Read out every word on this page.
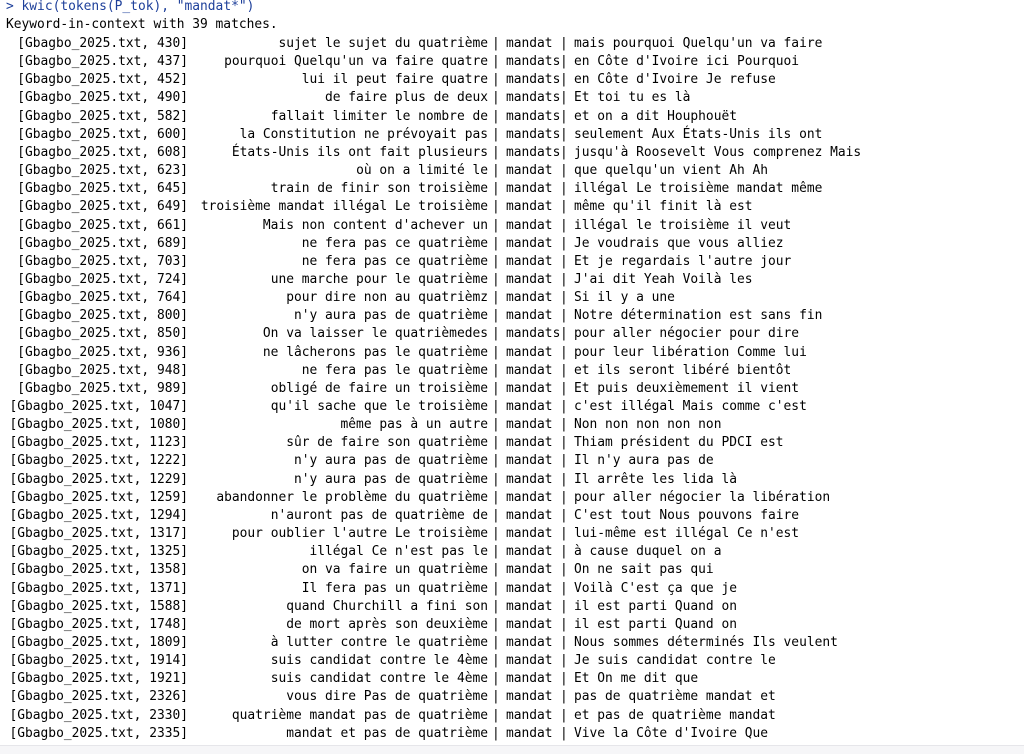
> kwic(tokens(P_tok), "mandat*")
Keyword-in-context with 39 matches.
[Gbagbo_2025.txt, 430]	sujet le sujet du quatrième | mandat | mais pourquoi Quelqu'un va faire
[Gbagbo_2025.txt, 437]	pourquoi Quelqu'un va faire quatre | mandats | en Côte d'Ivoire ici Pourquoi
[Gbagbo_2025.txt, 452]	lui il peut faire quatre | mandats | en Côte d'Ivoire Je refuse
[Gbagbo_2025.txt, 490]	de faire plus de deux | mandats | Et toi tu es là
[Gbagbo_2025.txt, 582]	fallait limiter le nombre de | mandats | et on a dit Houphouët
[Gbagbo_2025.txt, 600]	la Constitution ne prévoyait pas | mandats | seulement Aux États-Unis ils ont
[Gbagbo_2025.txt, 608]	États-Unis ils ont fait plusieurs | mandats | jusqu'à Roosevelt Vous comprenez Mais
[Gbagbo_2025.txt, 623]	où on a limité le | mandat | que quelqu'un vient Ah Ah
[Gbagbo_2025.txt, 645]	train de finir son troisième | mandat | illégal Le troisième mandat même
[Gbagbo_2025.txt, 649] troisième mandat illégal Le troisième | mandat | même qu'il finit là est
[Gbagbo_2025.txt, 661]	Mais non content d'achever un | mandat | illégal le troisième il veut
[Gbagbo_2025.txt, 689]	ne fera pas ce quatrième | mandat | Je voudrais que vous alliez
[Gbagbo_2025.txt, 703]	ne fera pas ce quatrième | mandat | Et je regardais l'autre jour
[Gbagbo_2025.txt, 724]	une marche pour le quatrième | mandat | J'ai dit Yeah Voilà les
[Gbagbo_2025.txt, 764]	pour dire non au quatrièmz | mandat | Si il y a une
[Gbagbo_2025.txt, 800]	n'y aura pas de quatrième | mandat | Notre détermination est sans fin
[Gbagbo_2025.txt, 850]	On va laisser le quatrièmedes | mandats | pour aller négocier pour dire
[Gbagbo_2025.txt, 936]	ne lâcherons pas le quatrième | mandat | pour leur libération Comme lui
[Gbagbo_2025.txt, 948]	ne fera pas le quatrième | mandat | et ils seront libéré bientôt
[Gbagbo_2025.txt, 989]	obligé de faire un troisième | mandat | Et puis deuxièmement il vient
[Gbagbo_2025.txt, 1047]	qu'il sache que le troisième | mandat | c'est illégal Mais comme c'est
[Gbagbo_2025.txt, 1080]	même pas à un autre | mandat | Non non non non non
[Gbagbo_2025.txt, 1123]	sûr de faire son quatrième | mandat | Thiam président du PDCI est
[Gbagbo_2025.txt, 1222]	n'y aura pas de quatrième | mandat | Il n'y aura pas de
[Gbagbo_2025.txt, 1229]	n'y aura pas de quatrième | mandat | Il arrête les lida là
[Gbagbo_2025.txt, 1259] abandonner le problème du quatrième | mandat | pour aller négocier la libération
[Gbagbo_2025.txt, 1294]	n'auront pas de quatrième de | mandat | C'est tout Nous pouvons faire
[Gbagbo_2025.txt, 1317]	pour oublier l'autre Le troisième | mandat | lui-même est illégal Ce n'est
[Gbagbo_2025.txt, 1325]	illégal Ce n'est pas le | mandat | à cause duquel on a
[Gbagbo_2025.txt, 1358]	on va faire un quatrième | mandat | On ne sait pas qui
[Gbagbo_2025.txt, 1371]	Il fera pas un quatrième | mandat | Voilà C'est ça que je
[Gbagbo_2025.txt, 1588]	quand Churchill a fini son | mandat | il est parti Quand on
[Gbagbo_2025.txt, 1748]	de mort après son deuxième | mandat | il est parti Quand on
[Gbagbo_2025.txt, 1809]	à lutter contre le quatrième | mandat | Nous sommes déterminés Ils veulent
[Gbagbo_2025.txt, 1914]	suis candidat contre le 4ème | mandat | Je suis candidat contre le
[Gbagbo_2025.txt, 1921]	suis candidat contre le 4ème | mandat | Et On me dit que
[Gbagbo_2025.txt, 2326]	vous dire Pas de quatrième | mandat | pas de quatrième mandat et
[Gbagbo_2025.txt, 2330]	quatrième mandat pas de quatrième | mandat | et pas de quatrième mandat
[Gbagbo_2025.txt, 2335]	mandat et pas de quatrième | mandat | Vive la Côte d'Ivoire Que
